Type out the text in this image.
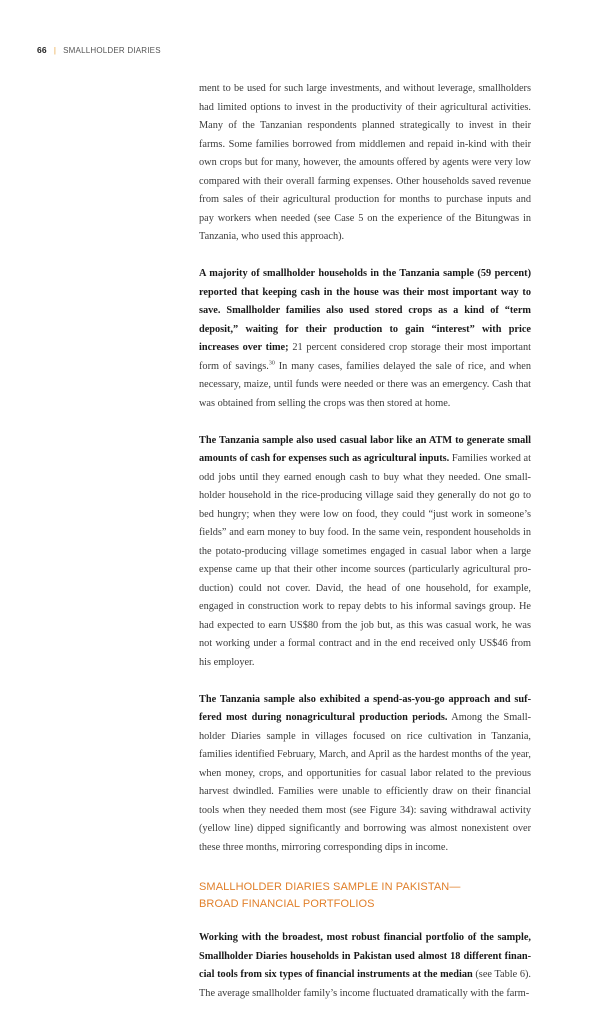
66 | SMALLHOLDER DIARIES

ment to be used for such large investments, and without leverage, smallholders had limited options to invest in the productivity of their agricultural activities. Many of the Tanzanian respondents planned strategically to invest in their farms. Some families borrowed from middlemen and repaid in-kind with their own crops but for many, however, the amounts offered by agents were very low compared with their overall farming expenses. Other households saved revenue from sales of their agricultural production for months to purchase inputs and pay workers when needed (see Case 5 on the experience of the Bitungwas in Tanzania, who used this approach).

A majority of smallholder households in the Tanzania sample (59 percent) reported that keeping cash in the house was their most important way to save. Smallholder families also used stored crops as a kind of “term deposit,” waiting for their production to gain “interest” with price increases over time; 21 percent considered crop storage their most important form of savings.$^{30}$ In many cases, families delayed the sale of rice, and when necessary, maize, until funds were needed or there was an emergency. Cash that was obtained from selling the crops was then stored at home.

The Tanzania sample also used casual labor like an ATM to generate small amounts of cash for expenses such as agricultural inputs. Families worked at odd jobs until they earned enough cash to buy what they needed. One small-holder household in the rice-producing village said they generally do not go to bed hungry; when they were low on food, they could “just work in someone’s fields” and earn money to buy food. In the same vein, respondent households in the potato-producing village sometimes engaged in casual labor when a large expense came up that their other income sources (particularly agricultural pro-duction) could not cover. David, the head of one household, for example, engaged in construction work to repay debts to his informal savings group. He had expected to earn US$80 from the job but, as this was casual work, he was not working under a formal contract and in the end received only US$46 from his employer.

The Tanzania sample also exhibited a spend-as-you-go approach and suf-fered most during nonagricultural production periods. Among the Small-holder Diaries sample in villages focused on rice cultivation in Tanzania, families identified February, March, and April as the hardest months of the year, when money, crops, and opportunities for casual labor related to the previous harvest dwindled. Families were unable to efficiently draw on their financial tools when they needed them most (see Figure 34): saving withdrawal activity (yellow line) dipped significantly and borrowing was almost nonexistent over these three months, mirroring corresponding dips in income.

SMALLHOLDER DIARIES SAMPLE IN PAKISTAN—
BROAD FINANCIAL PORTFOLIOS

Working with the broadest, most robust financial portfolio of the sample, Smallholder Diaries households in Pakistan used almost 18 different finan-cial tools from six types of financial instruments at the median (see Table 6). The average smallholder family’s income fluctuated dramatically with the farm-
